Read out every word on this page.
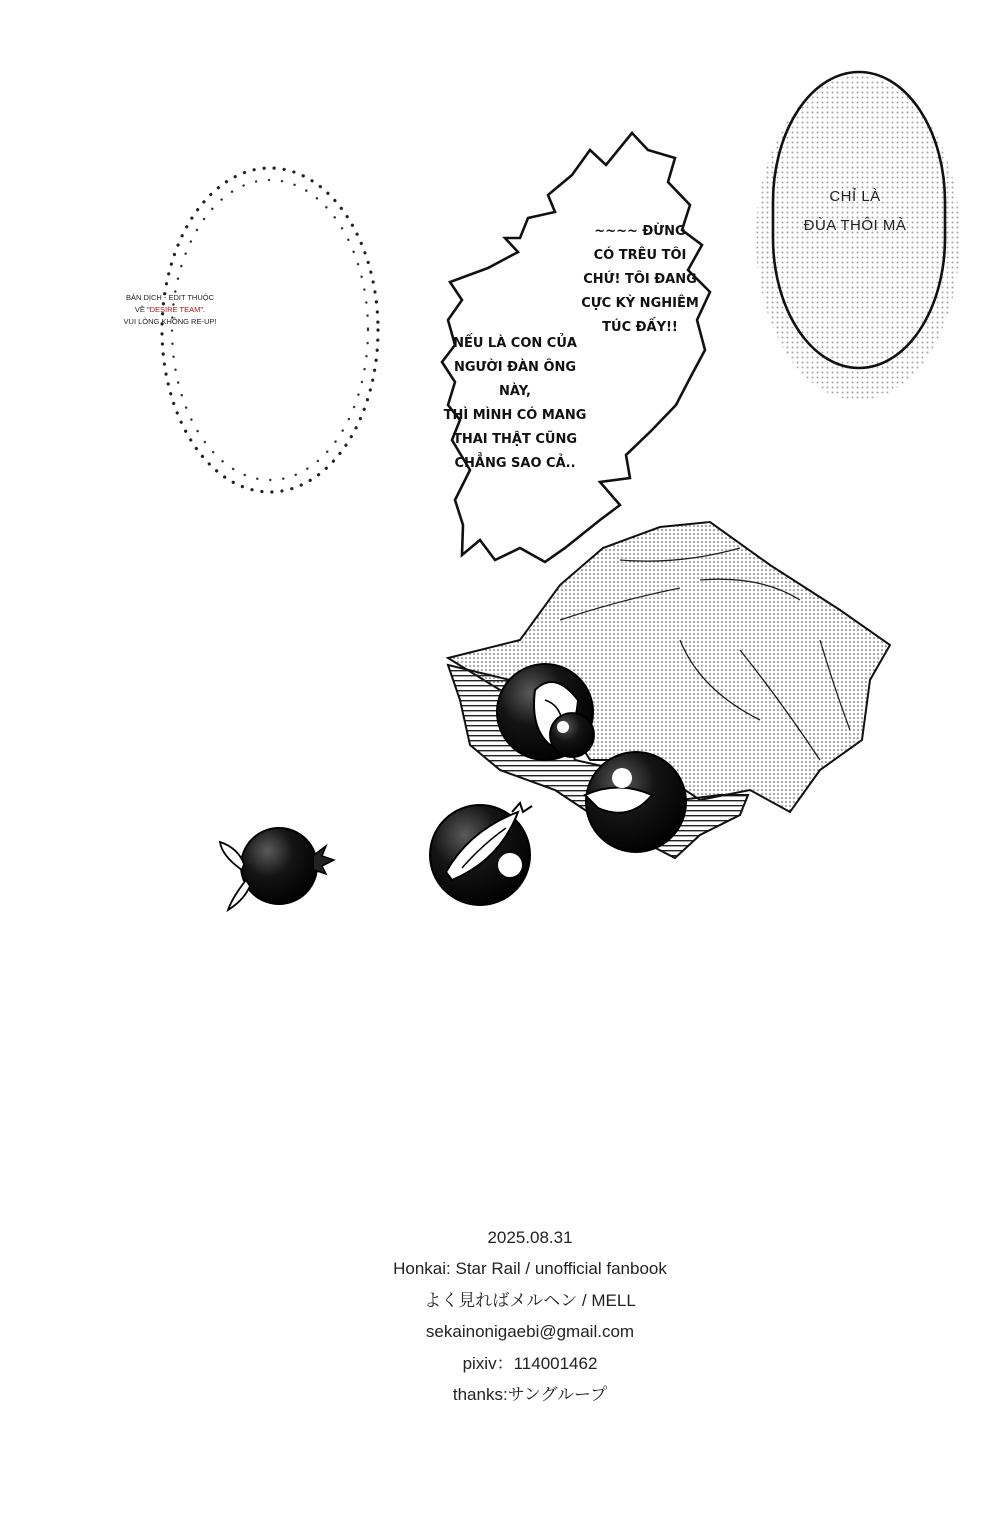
BẢN DỊCH - EDIT THUỘC
VỀ "DESIRE TEAM".
VUI LÒNG KHÔNG RE-UP!
~~~~ ĐỪNG
CÓ TRÊU TÔI
CHỨ! TÔI ĐANG
CỰC KỲ NGHIÊM
TÚC ĐẤY!!
NẾU LÀ CON CỦA
NGƯỜI ĐÀN ÔNG NÀY,
THÌ MÌNH CÓ MANG
THAI THẬT CŨNG
CHẲNG SAO CẢ..
CHỈ LÀ
ĐÙA THÔI MÀ
2025.08.31
Honkai: Star Rail / unofficial fanbook
よく見ればメルヘン / MELL
sekainonigaebi@gmail.com
pixiv：114001462
thanks:サングループ
